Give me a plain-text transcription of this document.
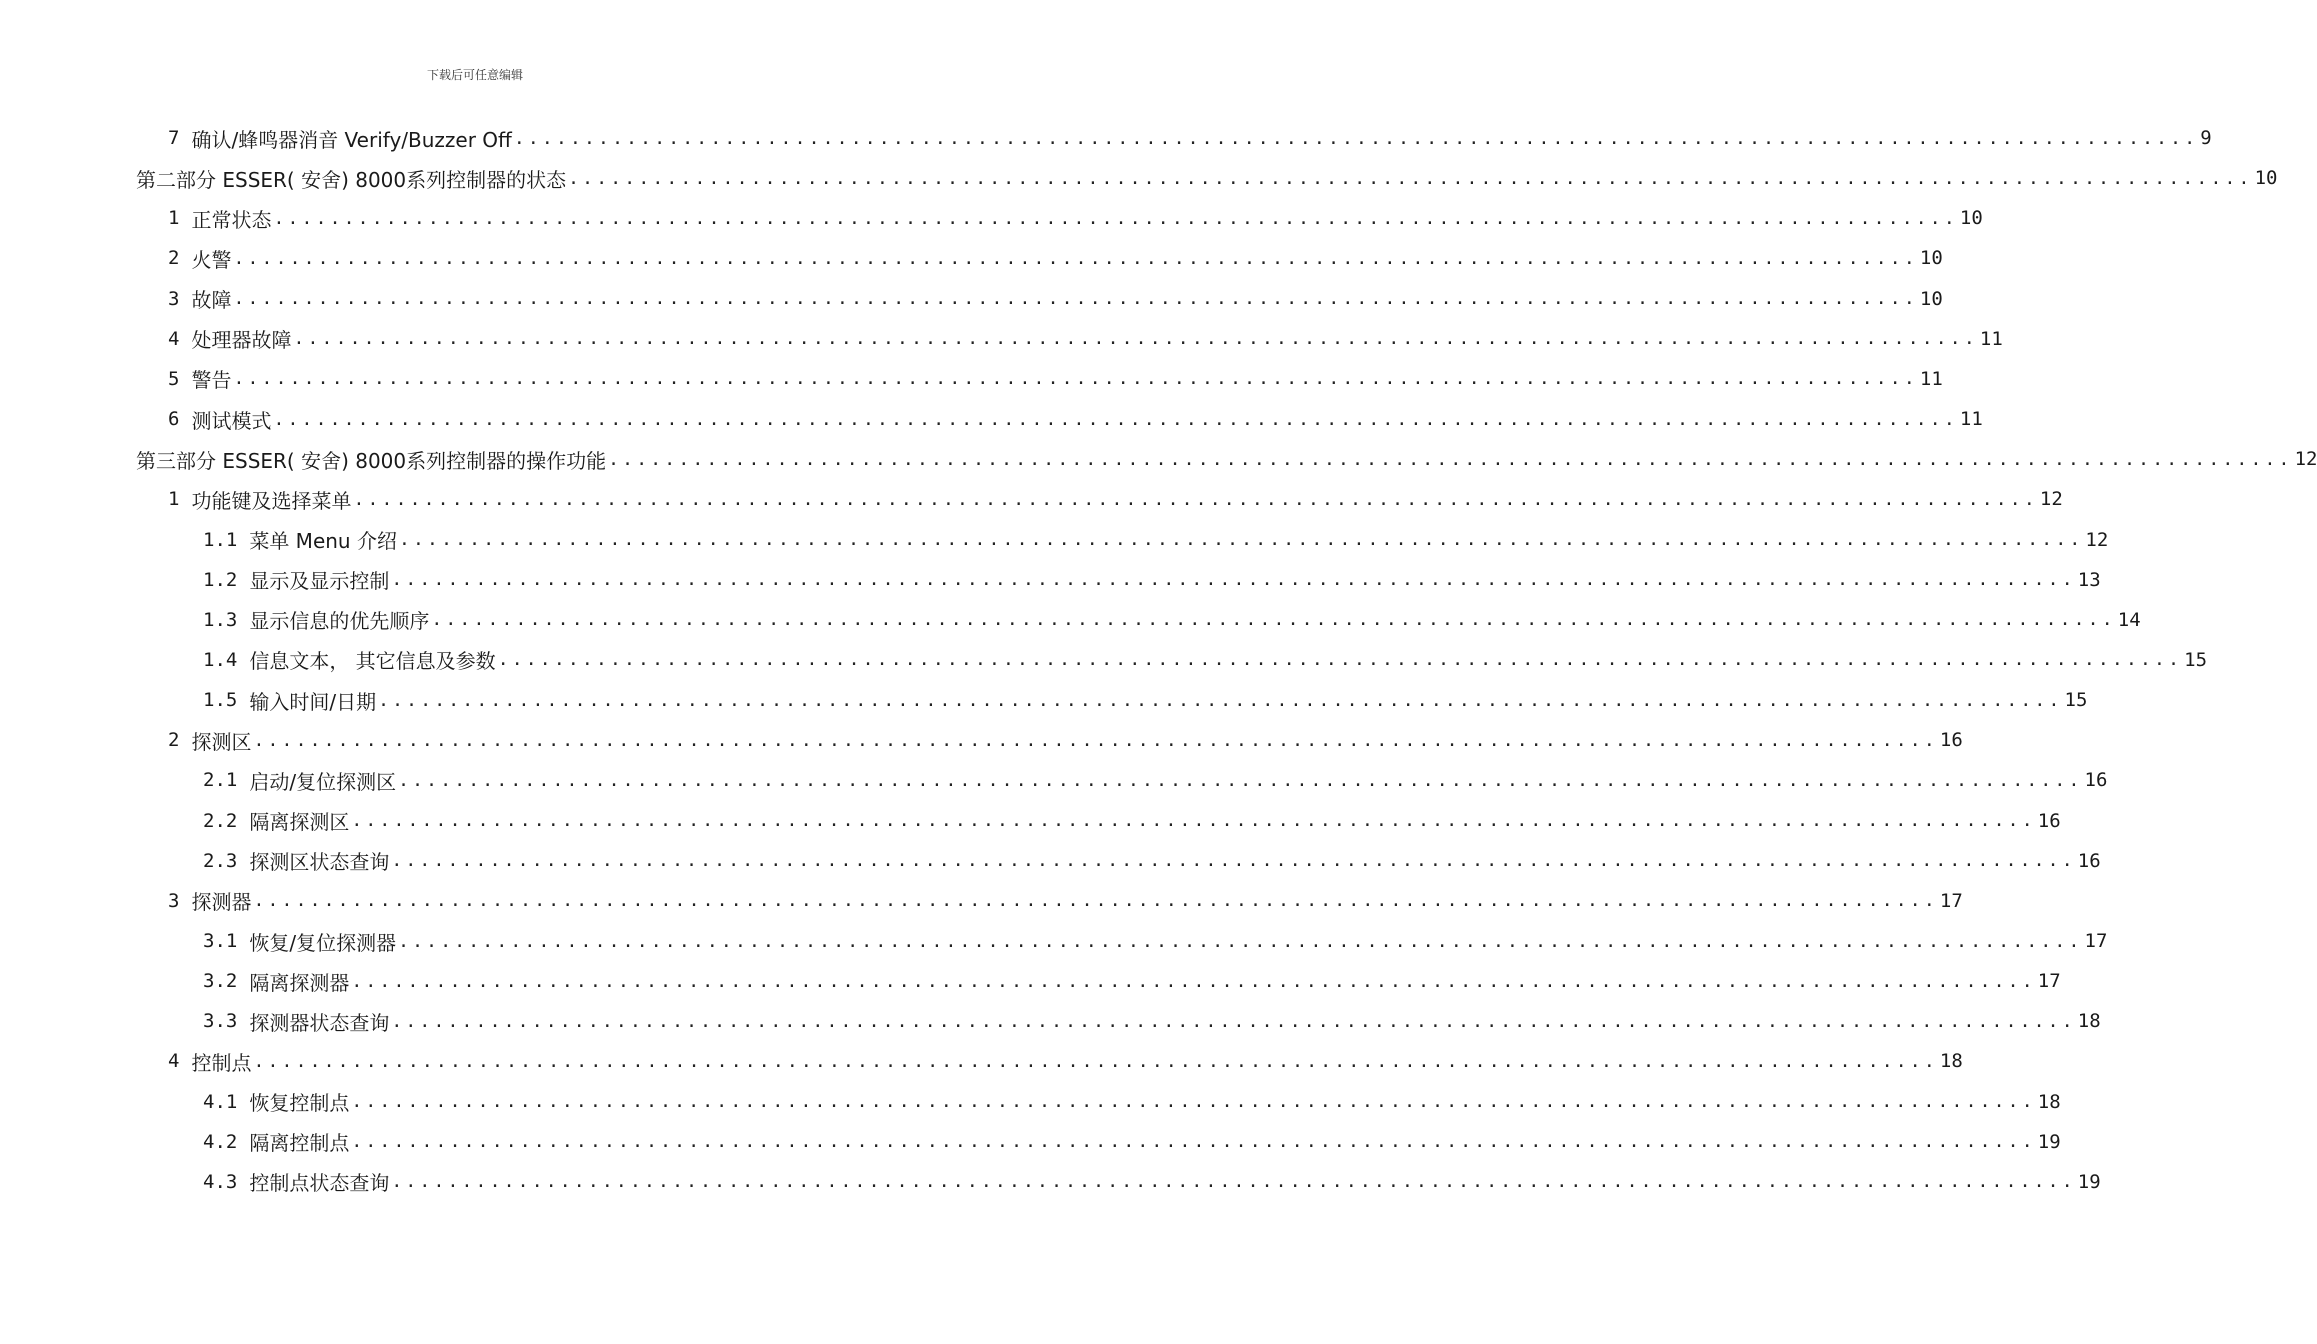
下载后可任意编辑
7 确认/蜂鸣器消音 Verify/Buzzer Off ........................................................................................................................ 9
第二部分 ESSER( 安舍) 8000系列控制器的状态 ........................................................................................................................ 10
1 正常状态 ........................................................................................................................ 10
2 火警 ........................................................................................................................ 10
3 故障 ........................................................................................................................ 10
4 处理器故障 ........................................................................................................................ 11
5 警告 ........................................................................................................................ 11
6 测试模式 ........................................................................................................................ 11
第三部分 ESSER( 安舍) 8000系列控制器的操作功能 ........................................................................................................................ 12
1 功能键及选择菜单 ........................................................................................................................ 12
1.1 菜单 Menu 介绍 ........................................................................................................................ 12
1.2 显示及显示控制 ........................................................................................................................ 13
1.3 显示信息的优先顺序 ........................................................................................................................ 14
1.4 信息文本， 其它信息及参数 ........................................................................................................................ 15
1.5 输入时间/日期 ........................................................................................................................ 15
2 探测区 ........................................................................................................................ 16
2.1 启动/复位探测区 ........................................................................................................................ 16
2.2 隔离探测区 ........................................................................................................................ 16
2.3 探测区状态查询 ........................................................................................................................ 16
3 探测器 ........................................................................................................................ 17
3.1 恢复/复位探测器 ........................................................................................................................ 17
3.2 隔离探测器 ........................................................................................................................ 17
3.3 探测器状态查询 ........................................................................................................................ 18
4 控制点 ........................................................................................................................ 18
4.1 恢复控制点 ........................................................................................................................ 18
4.2 隔离控制点 ........................................................................................................................ 19
4.3 控制点状态查询 ........................................................................................................................ 19
